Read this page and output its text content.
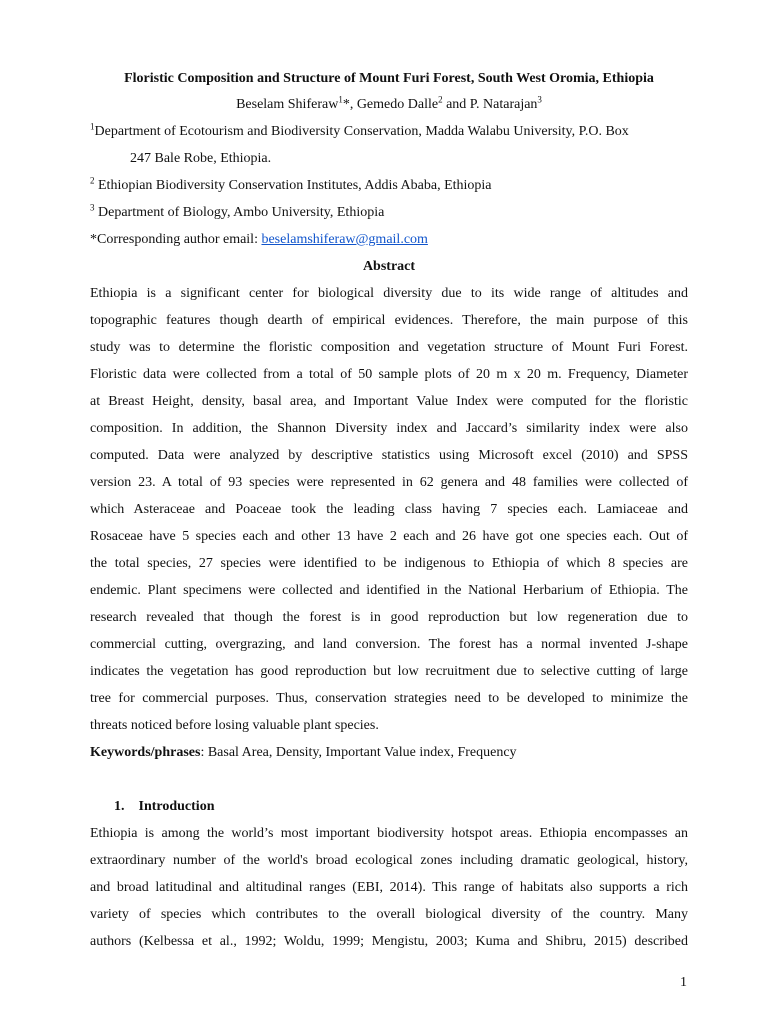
Floristic Composition and Structure of Mount Furi Forest, South West Oromia, Ethiopia
Beselam Shiferaw$^1$*, Gemedo Dalle$^2$ and P. Natarajan$^3$
$^1$Department of Ecotourism and Biodiversity Conservation, Madda Walabu University, P.O. Box
247 Bale Robe, Ethiopia.
$^2$ Ethiopian Biodiversity Conservation Institutes, Addis Ababa, Ethiopia
$^3$ Department of Biology, Ambo University, Ethiopia
*Corresponding author email: beselamshiferaw@gmail.com
Abstract
Ethiopia is a significant center for biological diversity due to its wide range of altitudes and
topographic features though dearth of empirical evidences. Therefore, the main purpose of this
study was to determine the floristic composition and vegetation structure of Mount Furi Forest.
Floristic data were collected from a total of 50 sample plots of 20 m x 20 m. Frequency, Diameter
at Breast Height, density, basal area, and Important Value Index were computed for the floristic
composition. In addition, the Shannon Diversity index and Jaccard’s similarity index were also
computed. Data were analyzed by descriptive statistics using Microsoft excel (2010) and SPSS
version 23. A total of 93 species were represented in 62 genera and 48 families were collected of
which Asteraceae and Poaceae took the leading class having 7 species each. Lamiaceae and
Rosaceae have 5 species each and other 13 have 2 each and 26 have got one species each. Out of
the total species, 27 species were identified to be indigenous to Ethiopia of which 8 species are
endemic. Plant specimens were collected and identified in the National Herbarium of Ethiopia. The
research revealed that though the forest is in good reproduction but low regeneration due to
commercial cutting, overgrazing, and land conversion. The forest has a normal invented J-shape
indicates the vegetation has good reproduction but low recruitment due to selective cutting of large
tree for commercial purposes. Thus, conservation strategies need to be developed to minimize the
threats noticed before losing valuable plant species.
Keywords/phrases: Basal Area, Density, Important Value index, Frequency
1. Introduction
Ethiopia is among the world’s most important biodiversity hotspot areas. Ethiopia encompasses an
extraordinary number of the world's broad ecological zones including dramatic geological, history,
and broad latitudinal and altitudinal ranges (EBI, 2014). This range of habitats also supports a rich
variety of species which contributes to the overall biological diversity of the country. Many
authors (Kelbessa et al., 1992; Woldu, 1999; Mengistu, 2003; Kuma and Shibru, 2015) described
1
